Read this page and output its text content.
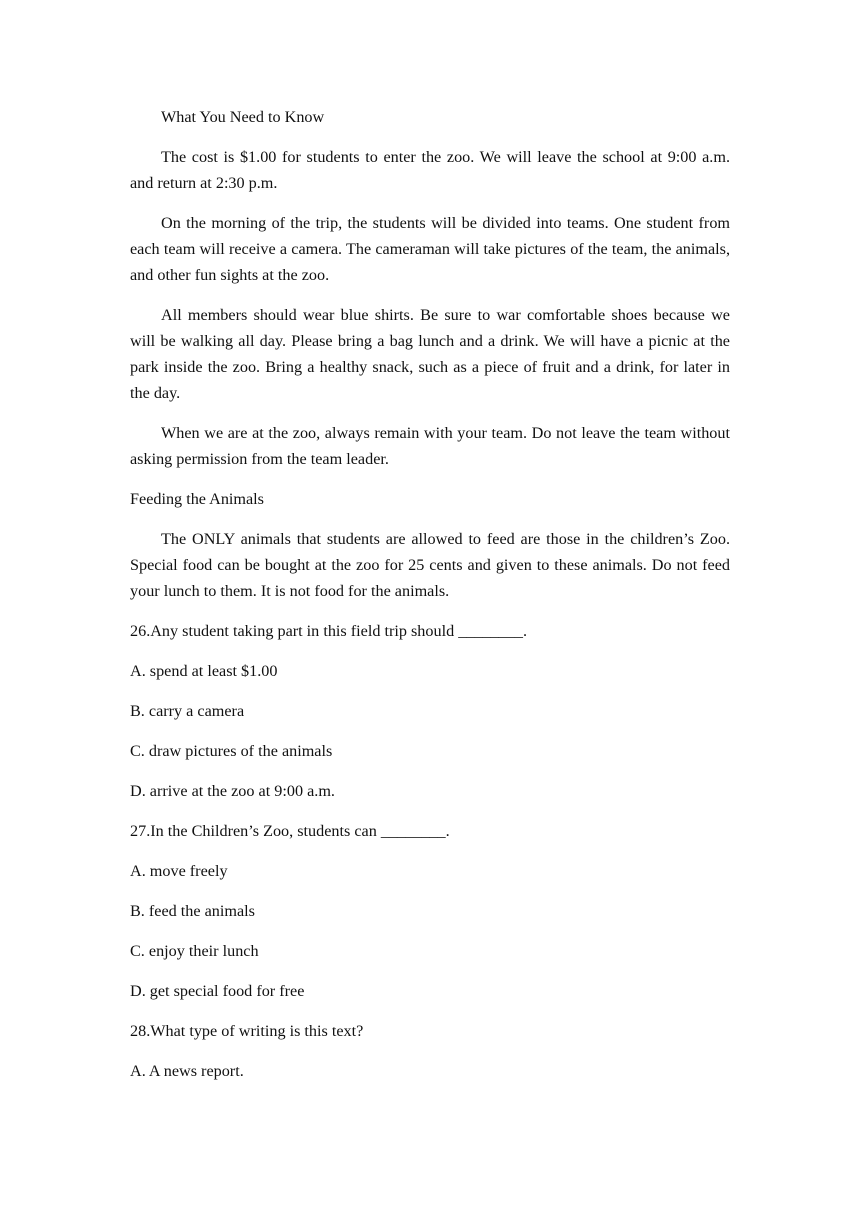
What You Need to Know

The cost is $1.00 for students to enter the zoo. We will leave the school at 9:00 a.m. and return at 2:30 p.m.

On the morning of the trip, the students will be divided into teams. One student from each team will receive a camera. The cameraman will take pictures of the team, the animals, and other fun sights at the zoo.

All members should wear blue shirts. Be sure to war comfortable shoes because we will be walking all day. Please bring a bag lunch and a drink. We will have a picnic at the park inside the zoo. Bring a healthy snack, such as a piece of fruit and a drink, for later in the day.

When we are at the zoo, always remain with your team. Do not leave the team without asking permission from the team leader.

Feeding the Animals

The ONLY animals that students are allowed to feed are those in the children’s Zoo. Special food can be bought at the zoo for 25 cents and given to these animals. Do not feed your lunch to them. It is not food for the animals.

26.Any student taking part in this field trip should ________.

A. spend at least $1.00

B. carry a camera

C. draw pictures of the animals

D. arrive at the zoo at 9:00 a.m.

27.In the Children’s Zoo, students can ________.

A. move freely

B. feed the animals

C. enjoy their lunch

D. get special food for free

28.What type of writing is this text?

A. A news report.
